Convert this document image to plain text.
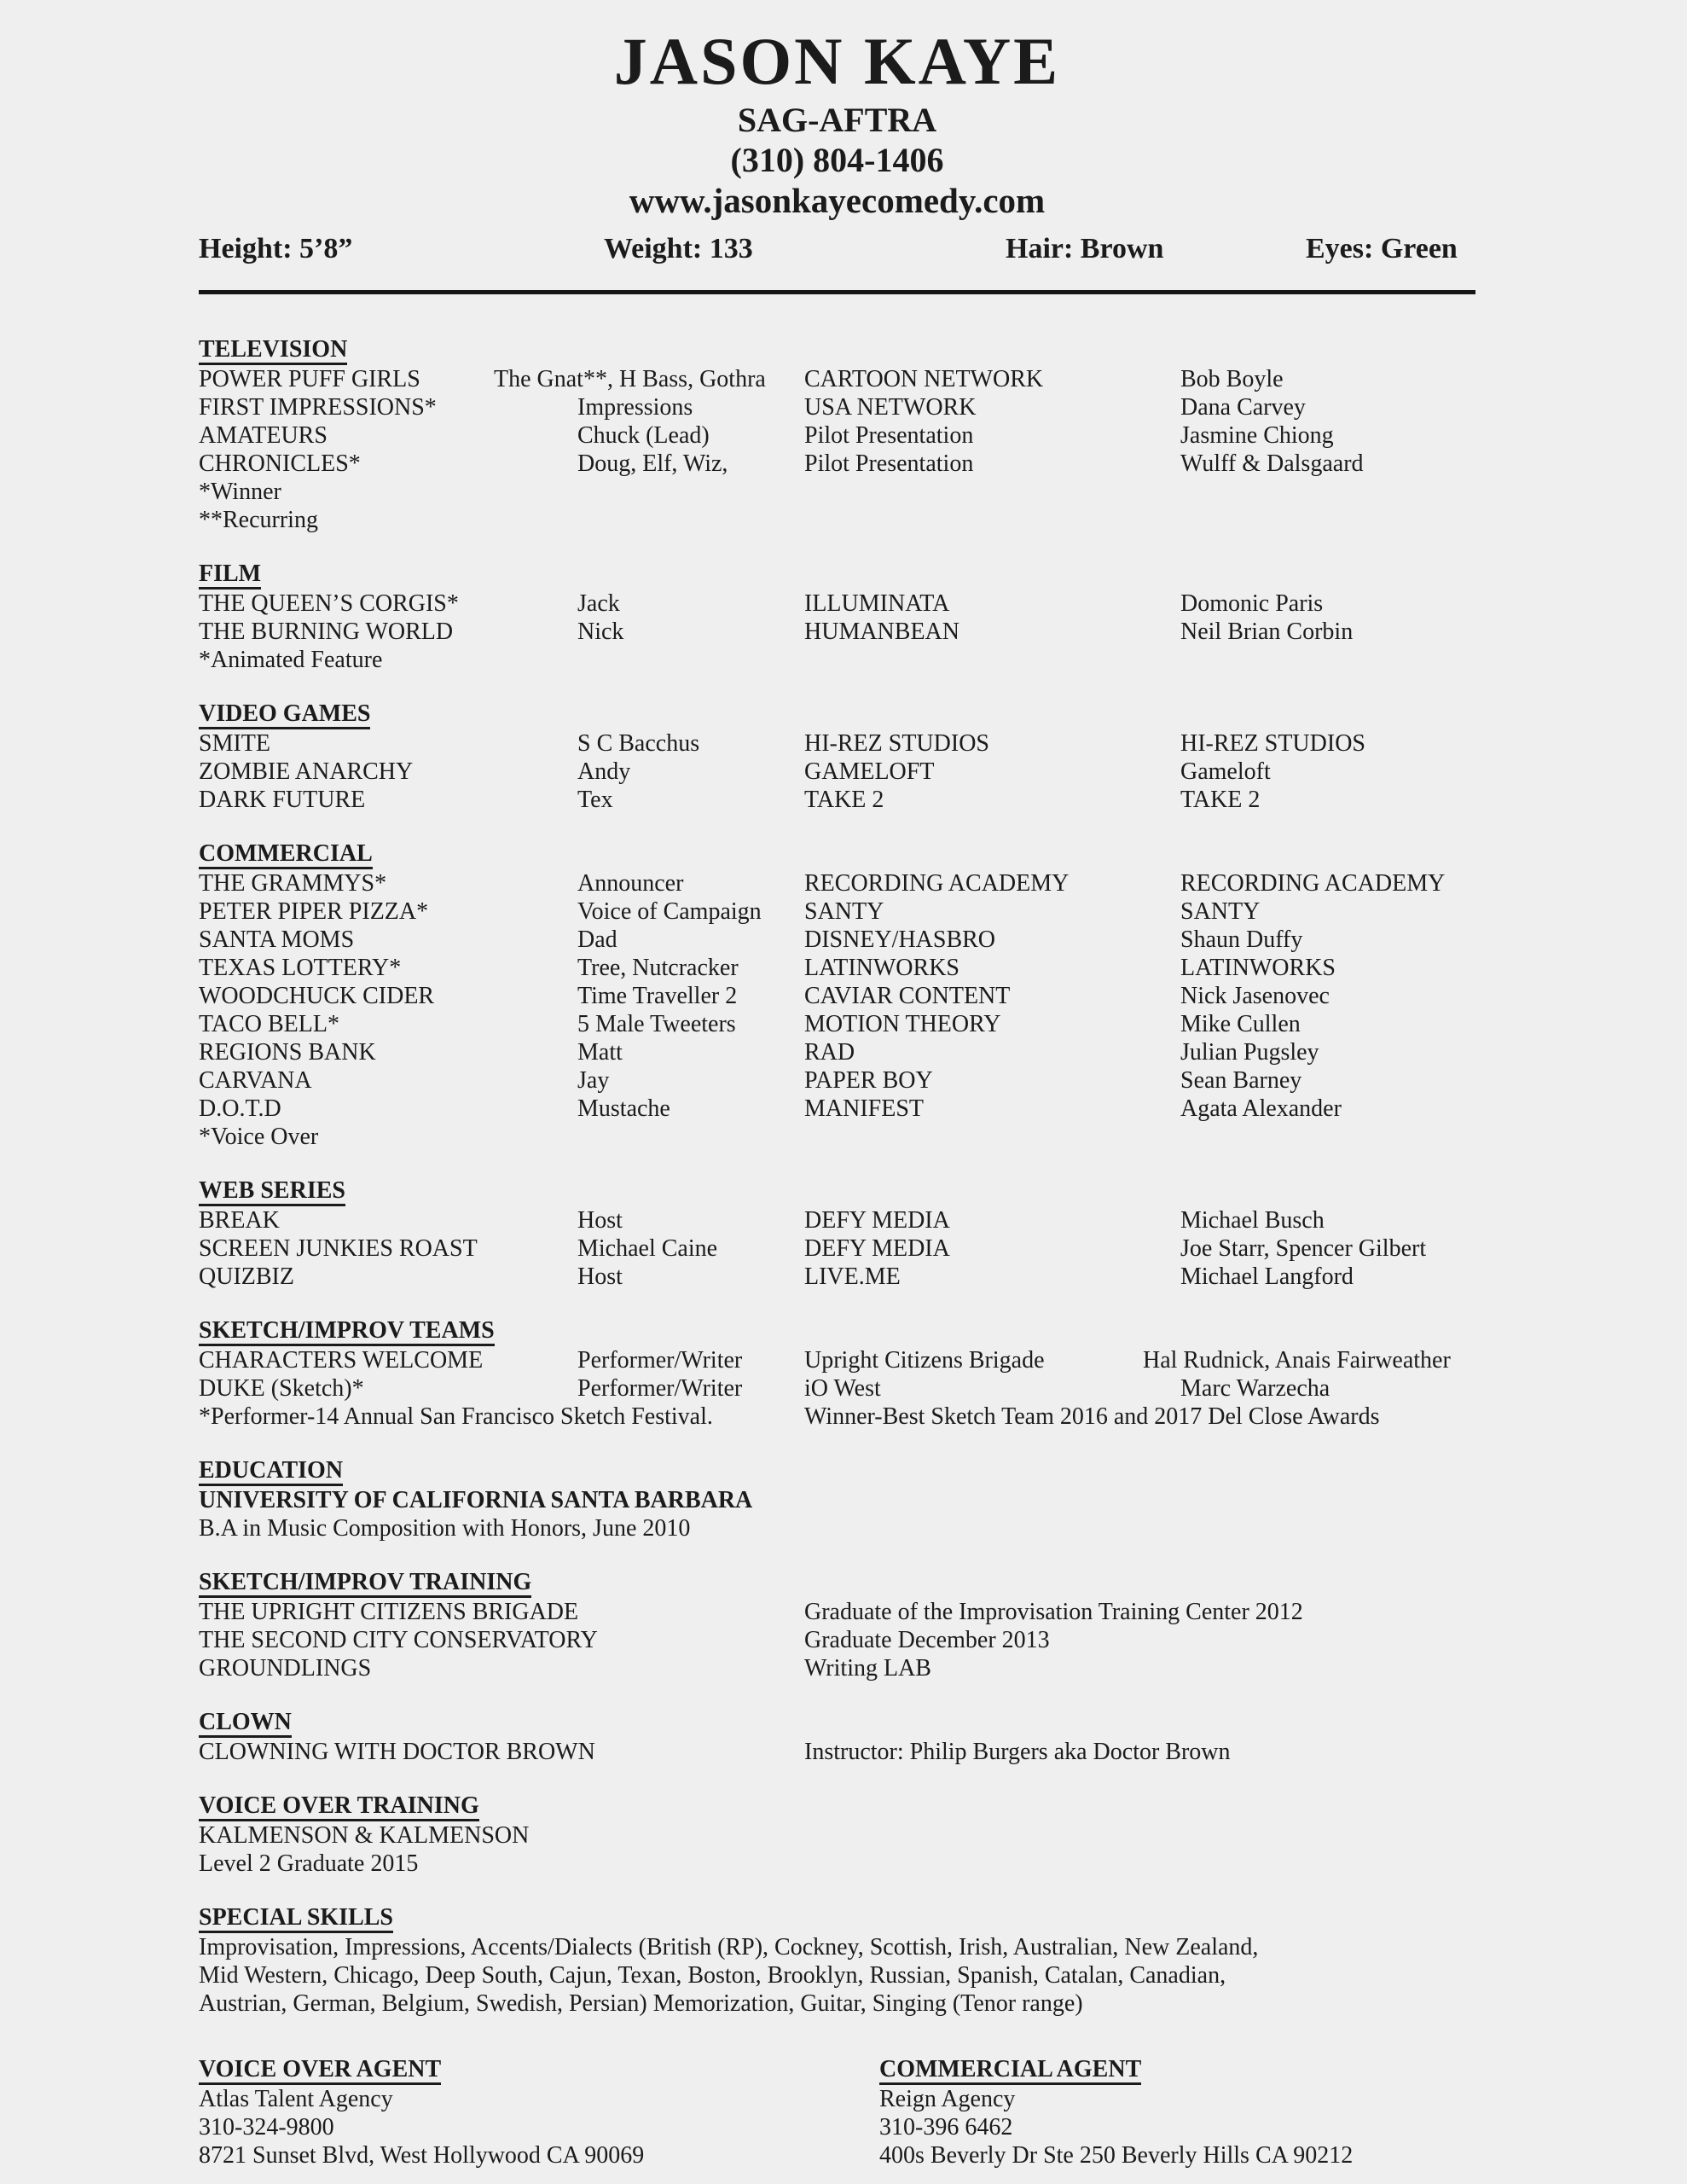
JASON KAYE
SAG-AFTRA
(310) 804-1406
www.jasonkayecomedy.com
Height: 5’8”	Weight: 133	Hair: Brown	Eyes: Green
TELEVISION
POWER PUFF GIRLS	The Gnat**, H Bass, Gothra	CARTOON NETWORK	Bob Boyle
FIRST IMPRESSIONS*	Impressions	USA NETWORK	Dana Carvey
AMATEURS	Chuck (Lead)	Pilot Presentation	Jasmine Chiong
CHRONICLES*	Doug, Elf, Wiz,	Pilot Presentation	Wulff & Dalsgaard
*Winner
**Recurring
FILM
THE QUEEN’S CORGIS*	Jack	ILLUMINATA	Domonic Paris
THE BURNING WORLD	Nick	HUMANBEAN	Neil Brian Corbin
*Animated Feature
VIDEO GAMES
SMITE	S C Bacchus	HI-REZ STUDIOS	HI-REZ STUDIOS
ZOMBIE ANARCHY	Andy	GAMELOFT	Gameloft
DARK FUTURE	Tex	TAKE 2	TAKE 2
COMMERCIAL
THE GRAMMYS*	Announcer	RECORDING ACADEMY	RECORDING ACADEMY
PETER PIPER PIZZA*	Voice of Campaign	SANTY	SANTY
SANTA MOMS	Dad	DISNEY/HASBRO	Shaun Duffy
TEXAS LOTTERY*	Tree, Nutcracker	LATINWORKS	LATINWORKS
WOODCHUCK CIDER	Time Traveller 2	CAVIAR CONTENT	Nick Jasenovec
TACO BELL*	5 Male Tweeters	MOTION THEORY	Mike Cullen
REGIONS BANK	Matt	RAD	Julian Pugsley
CARVANA	Jay	PAPER BOY	Sean Barney
D.O.T.D	Mustache	MANIFEST	Agata Alexander
*Voice Over
WEB SERIES
BREAK	Host	DEFY MEDIA	Michael Busch
SCREEN JUNKIES ROAST	Michael Caine	DEFY MEDIA	Joe Starr, Spencer Gilbert
QUIZBIZ	Host	LIVE.ME	Michael Langford
SKETCH/IMPROV TEAMS
CHARACTERS WELCOME	Performer/Writer	Upright Citizens Brigade	Hal Rudnick, Anais Fairweather
DUKE (Sketch)*	Performer/Writer	iO West	Marc Warzecha
*Performer-14 Annual San Francisco Sketch Festival.	Winner-Best Sketch Team 2016 and 2017 Del Close Awards
EDUCATION
UNIVERSITY OF CALIFORNIA SANTA BARBARA
B.A in Music Composition with Honors, June 2010
SKETCH/IMPROV TRAINING
THE UPRIGHT CITIZENS BRIGADE	Graduate of the Improvisation Training Center 2012
THE SECOND CITY CONSERVATORY	Graduate December 2013
GROUNDLINGS	Writing LAB
CLOWN
CLOWNING WITH DOCTOR BROWN	Instructor: Philip Burgers aka Doctor Brown
VOICE OVER TRAINING
KALMENSON & KALMENSON
Level 2 Graduate 2015
SPECIAL SKILLS
Improvisation, Impressions, Accents/Dialects (British (RP), Cockney, Scottish, Irish, Australian, New Zealand,
Mid Western, Chicago, Deep South, Cajun, Texan, Boston, Brooklyn, Russian, Spanish, Catalan, Canadian,
Austrian, German, Belgium, Swedish, Persian) Memorization, Guitar, Singing (Tenor range)
VOICE OVER AGENT
Atlas Talent Agency
310-324-9800
8721 Sunset Blvd, West Hollywood CA 90069
COMMERCIAL AGENT
Reign Agency
310-396 6462
400s Beverly Dr Ste 250 Beverly Hills CA 90212
